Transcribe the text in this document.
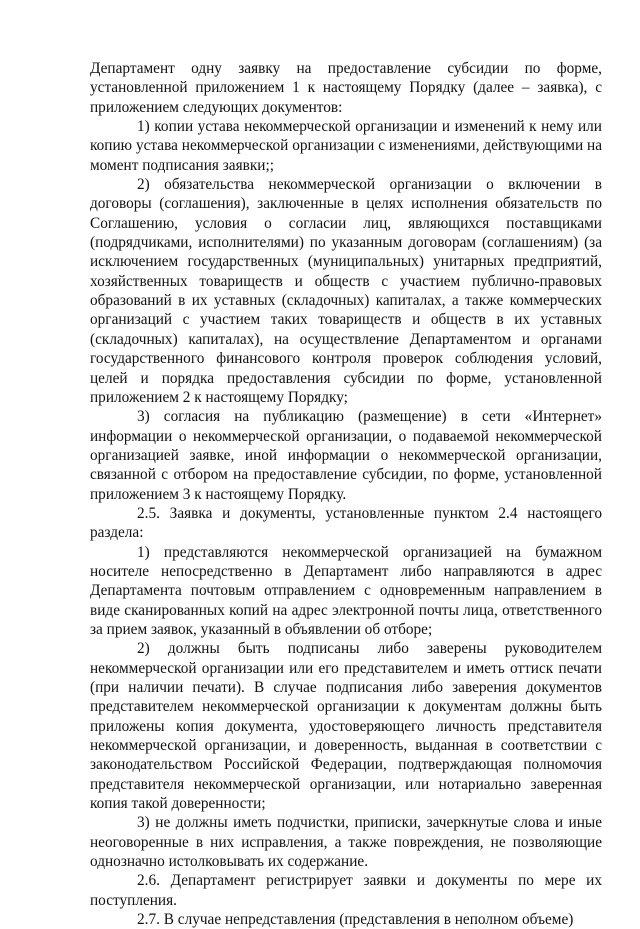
Департамент одну заявку на предоставление субсидии по форме, установленной приложением 1 к настоящему Порядку (далее – заявка), с приложением следующих документов:

1) копии устава некоммерческой организации и изменений к нему или копию устава некоммерческой организации с изменениями, действующими на момент подписания заявки;;

2) обязательства некоммерческой организации о включении в договоры (соглашения), заключенные в целях исполнения обязательств по Соглашению, условия о согласии лиц, являющихся поставщиками (подрядчиками, исполнителями) по указанным договорам (соглашениям) (за исключением государственных (муниципальных) унитарных предприятий, хозяйственных товариществ и обществ с участием публично-правовых образований в их уставных (складочных) капиталах, а также коммерческих организаций с участием таких товариществ и обществ в их уставных (складочных) капиталах), на осуществление Департаментом и органами государственного финансового контроля проверок соблюдения условий, целей и порядка предоставления субсидии по форме, установленной приложением 2 к настоящему Порядку;

3) согласия на публикацию (размещение) в сети «Интернет» информации о некоммерческой организации, о подаваемой некоммерческой организацией заявке, иной информации о некоммерческой организации, связанной с отбором на предоставление субсидии, по форме, установленной приложением 3 к настоящему Порядку.

2.5. Заявка и документы, установленные пунктом 2.4 настоящего раздела:

1) представляются некоммерческой организацией на бумажном носителе непосредственно в Департамент либо направляются в адрес Департамента почтовым отправлением с одновременным направлением в виде сканированных копий на адрес электронной почты лица, ответственного за прием заявок, указанный в объявлении об отборе;

2) должны быть подписаны либо заверены руководителем некоммерческой организации или его представителем и иметь оттиск печати (при наличии печати). В случае подписания либо заверения документов представителем некоммерческой организации к документам должны быть приложены копия документа, удостоверяющего личность представителя некоммерческой организации, и доверенность, выданная в соответствии с законодательством Российской Федерации, подтверждающая полномочия представителя некоммерческой организации, или нотариально заверенная копия такой доверенности;

3) не должны иметь подчистки, приписки, зачеркнутые слова и иные неоговоренные в них исправления, а также повреждения, не позволяющие однозначно истолковывать их содержание.

2.6. Департамент регистрирует заявки и документы по мере их поступления.

2.7. В случае непредставления (представления в неполном объеме)
